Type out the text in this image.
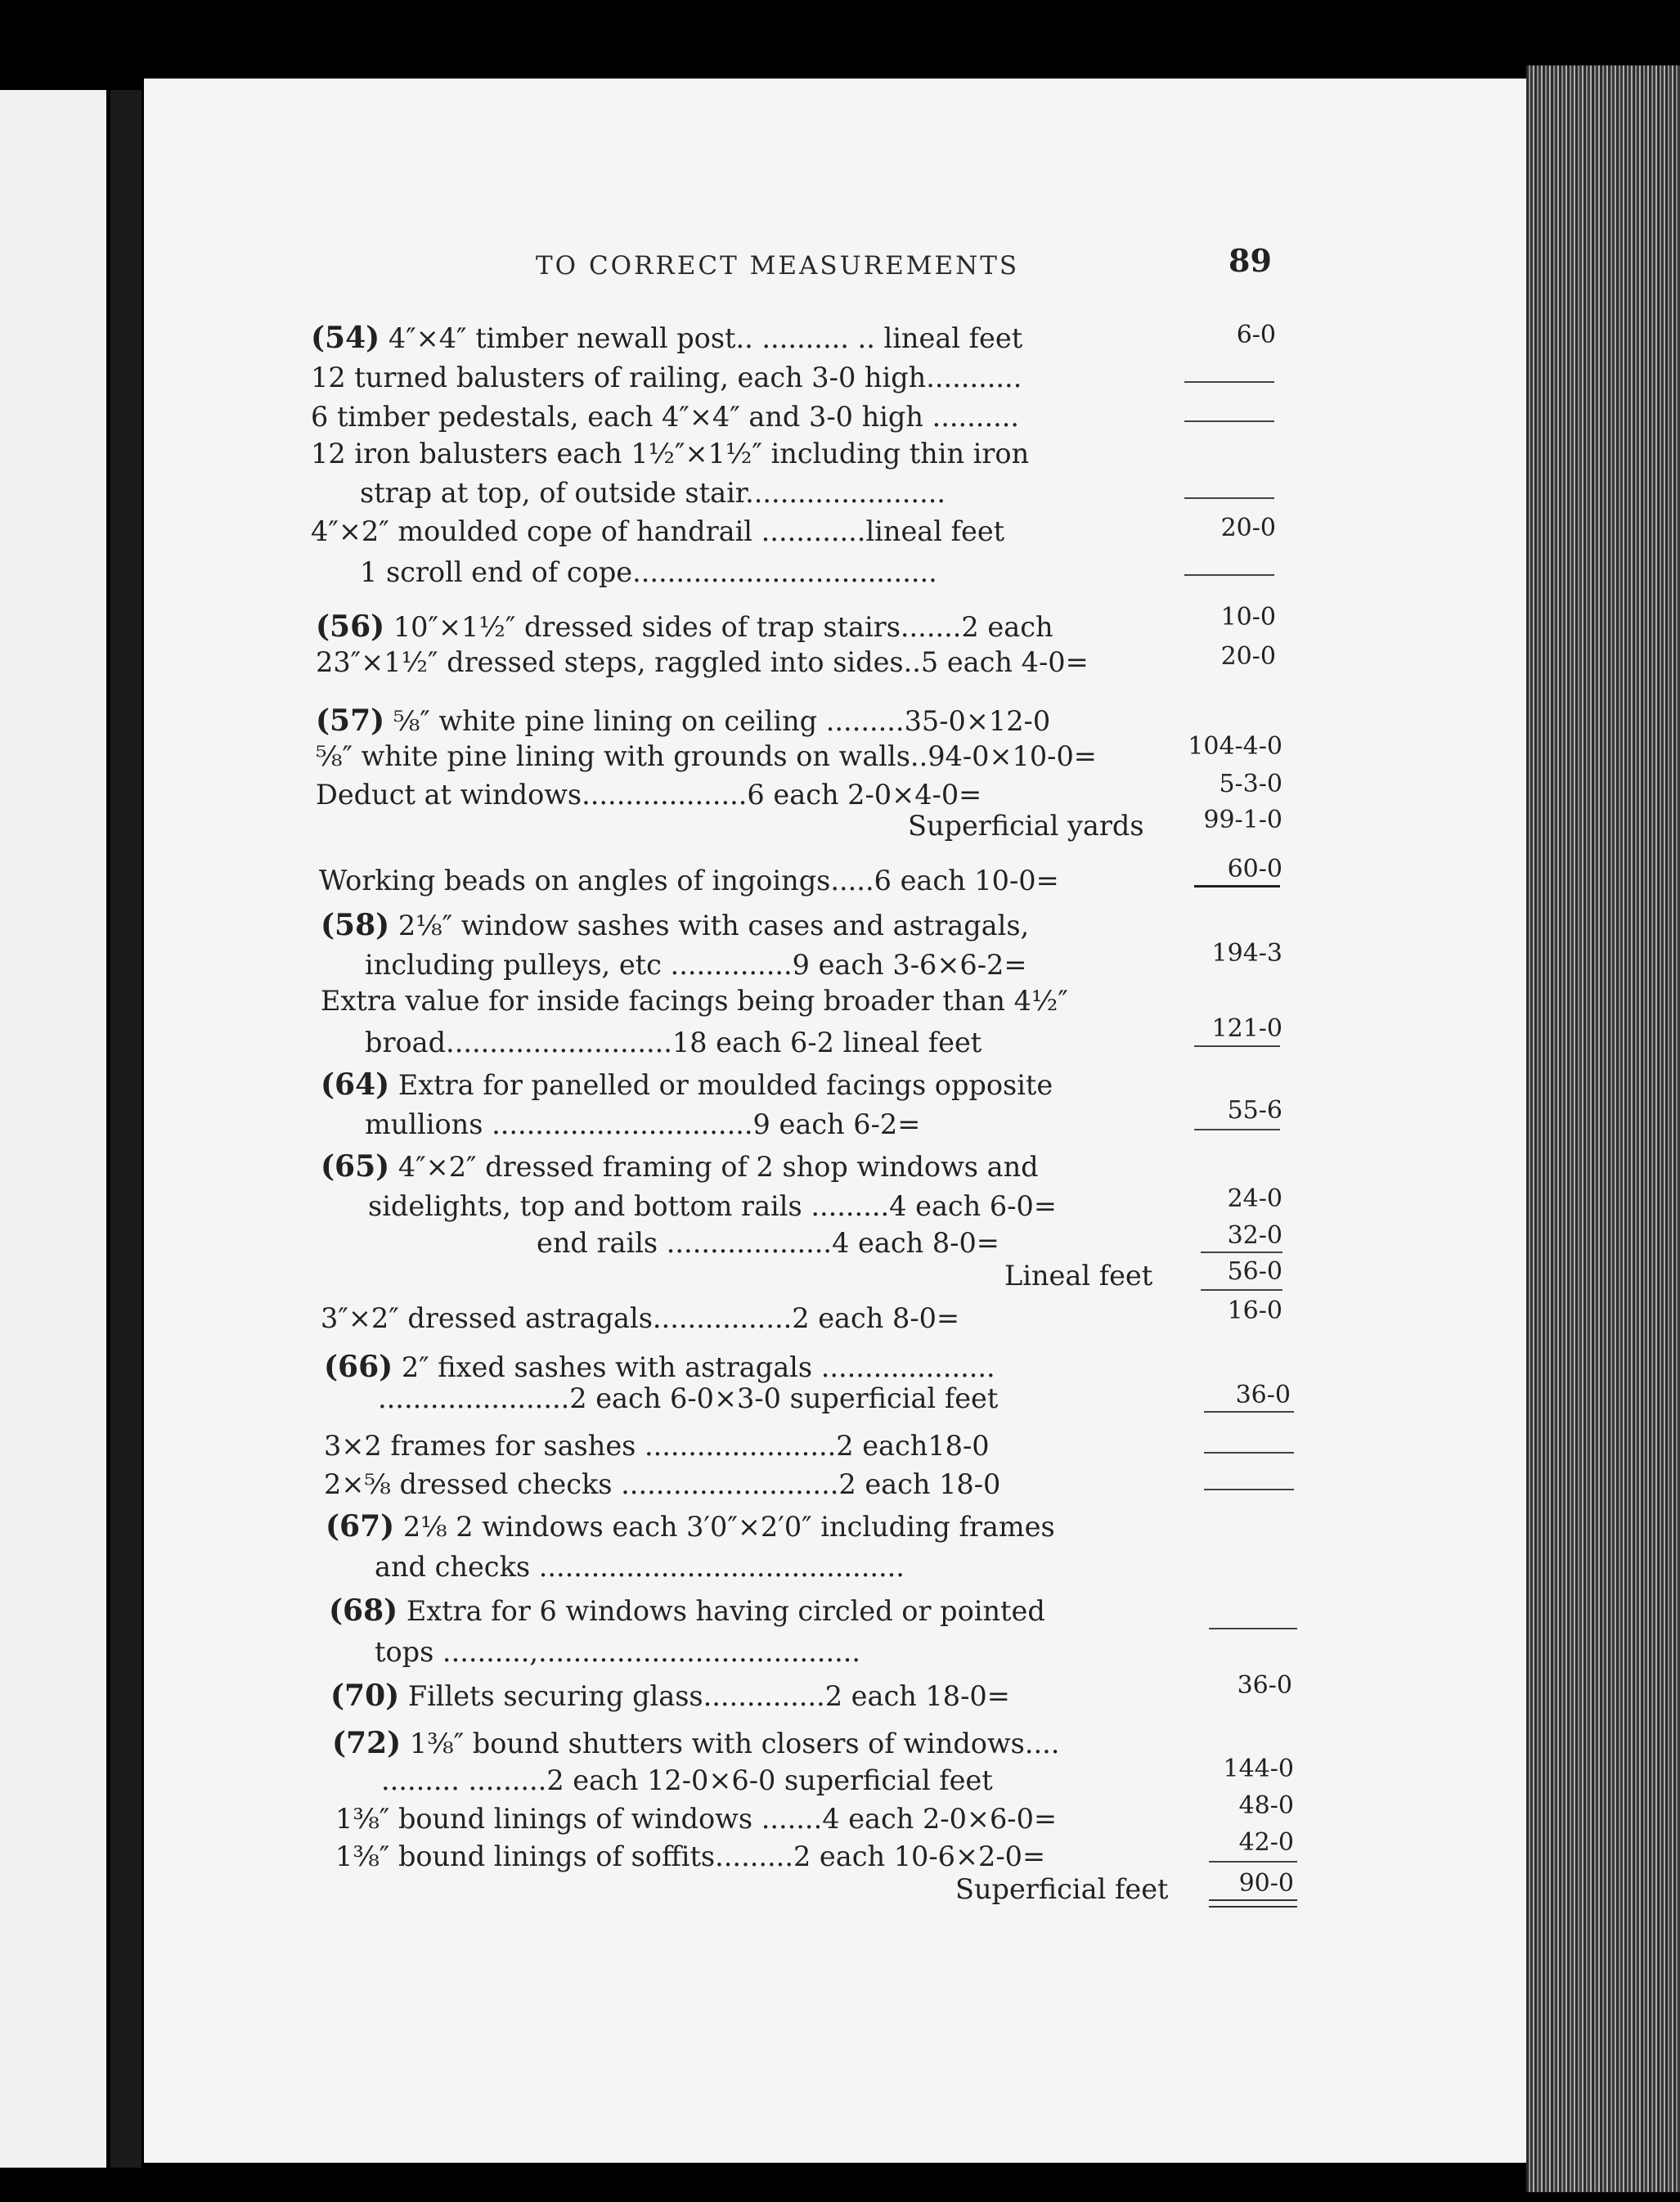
TO CORRECT MEASUREMENTS	89
(54) 4″×4″ timber newall post.. .......... .. lineal feet	6-0
12 turned balusters of railing, each 3-0 high...........
6 timber pedestals, each 4″×4″ and 3-0 high ..........
12 iron balusters each 1½″×1½″ including thin iron
strap at top, of outside stair.......................
4″×2″ moulded cope of handrail ............lineal feet	20-0
1 scroll end of cope...................................
(56) 10″×1½″ dressed sides of trap stairs.......2 each	10-0
23″×1½″ dressed steps, raggled into sides..5 each 4-0=	20-0
(57) ⅝″ white pine lining on ceiling .........35-0×12-0
⅝″ white pine lining with grounds on walls..94-0×10-0=	104-4-0
Deduct at windows...................6 each 2-0×4-0=	5-3-0
Superficial yards	99-1-0
Working beads on angles of ingoings.....6 each 10-0=	60-0
(58) 2⅛″ window sashes with cases and astragals,
including pulleys, etc ..............9 each 3-6×6-2=	194-3
Extra value for inside facings being broader than 4½″
broad..........................18 each 6-2 lineal feet	121-0
(64) Extra for panelled or moulded facings opposite
mullions ..............................9 each 6-2=	55-6
(65) 4″×2″ dressed framing of 2 shop windows and
sidelights, top and bottom rails .........4 each 6-0=	24-0
end rails ...................4 each 8-0=	32-0
Lineal feet	56-0
3″×2″ dressed astragals................2 each 8-0=	16-0
(66) 2″ fixed sashes with astragals ....................
......................2 each 6-0×3-0 superficial feet	36-0
3×2 frames for sashes ......................2 each18-0
2×⅝ dressed checks .........................2 each 18-0
(67) 2⅛ 2 windows each 3′0″×2′0″ including frames
and checks ..........................................
(68) Extra for 6 windows having circled or pointed
tops ..........,.....................................
(70) Fillets securing glass..............2 each 18-0=	36-0
(72) 1⅜″ bound shutters with closers of windows....
......... .........2 each 12-0×6-0 superficial feet	144-0
1⅜″ bound linings of windows .......4 each 2-0×6-0=	48-0
1⅜″ bound linings of soffits.........2 each 10-6×2-0=	42-0
Superficial feet	90-0
